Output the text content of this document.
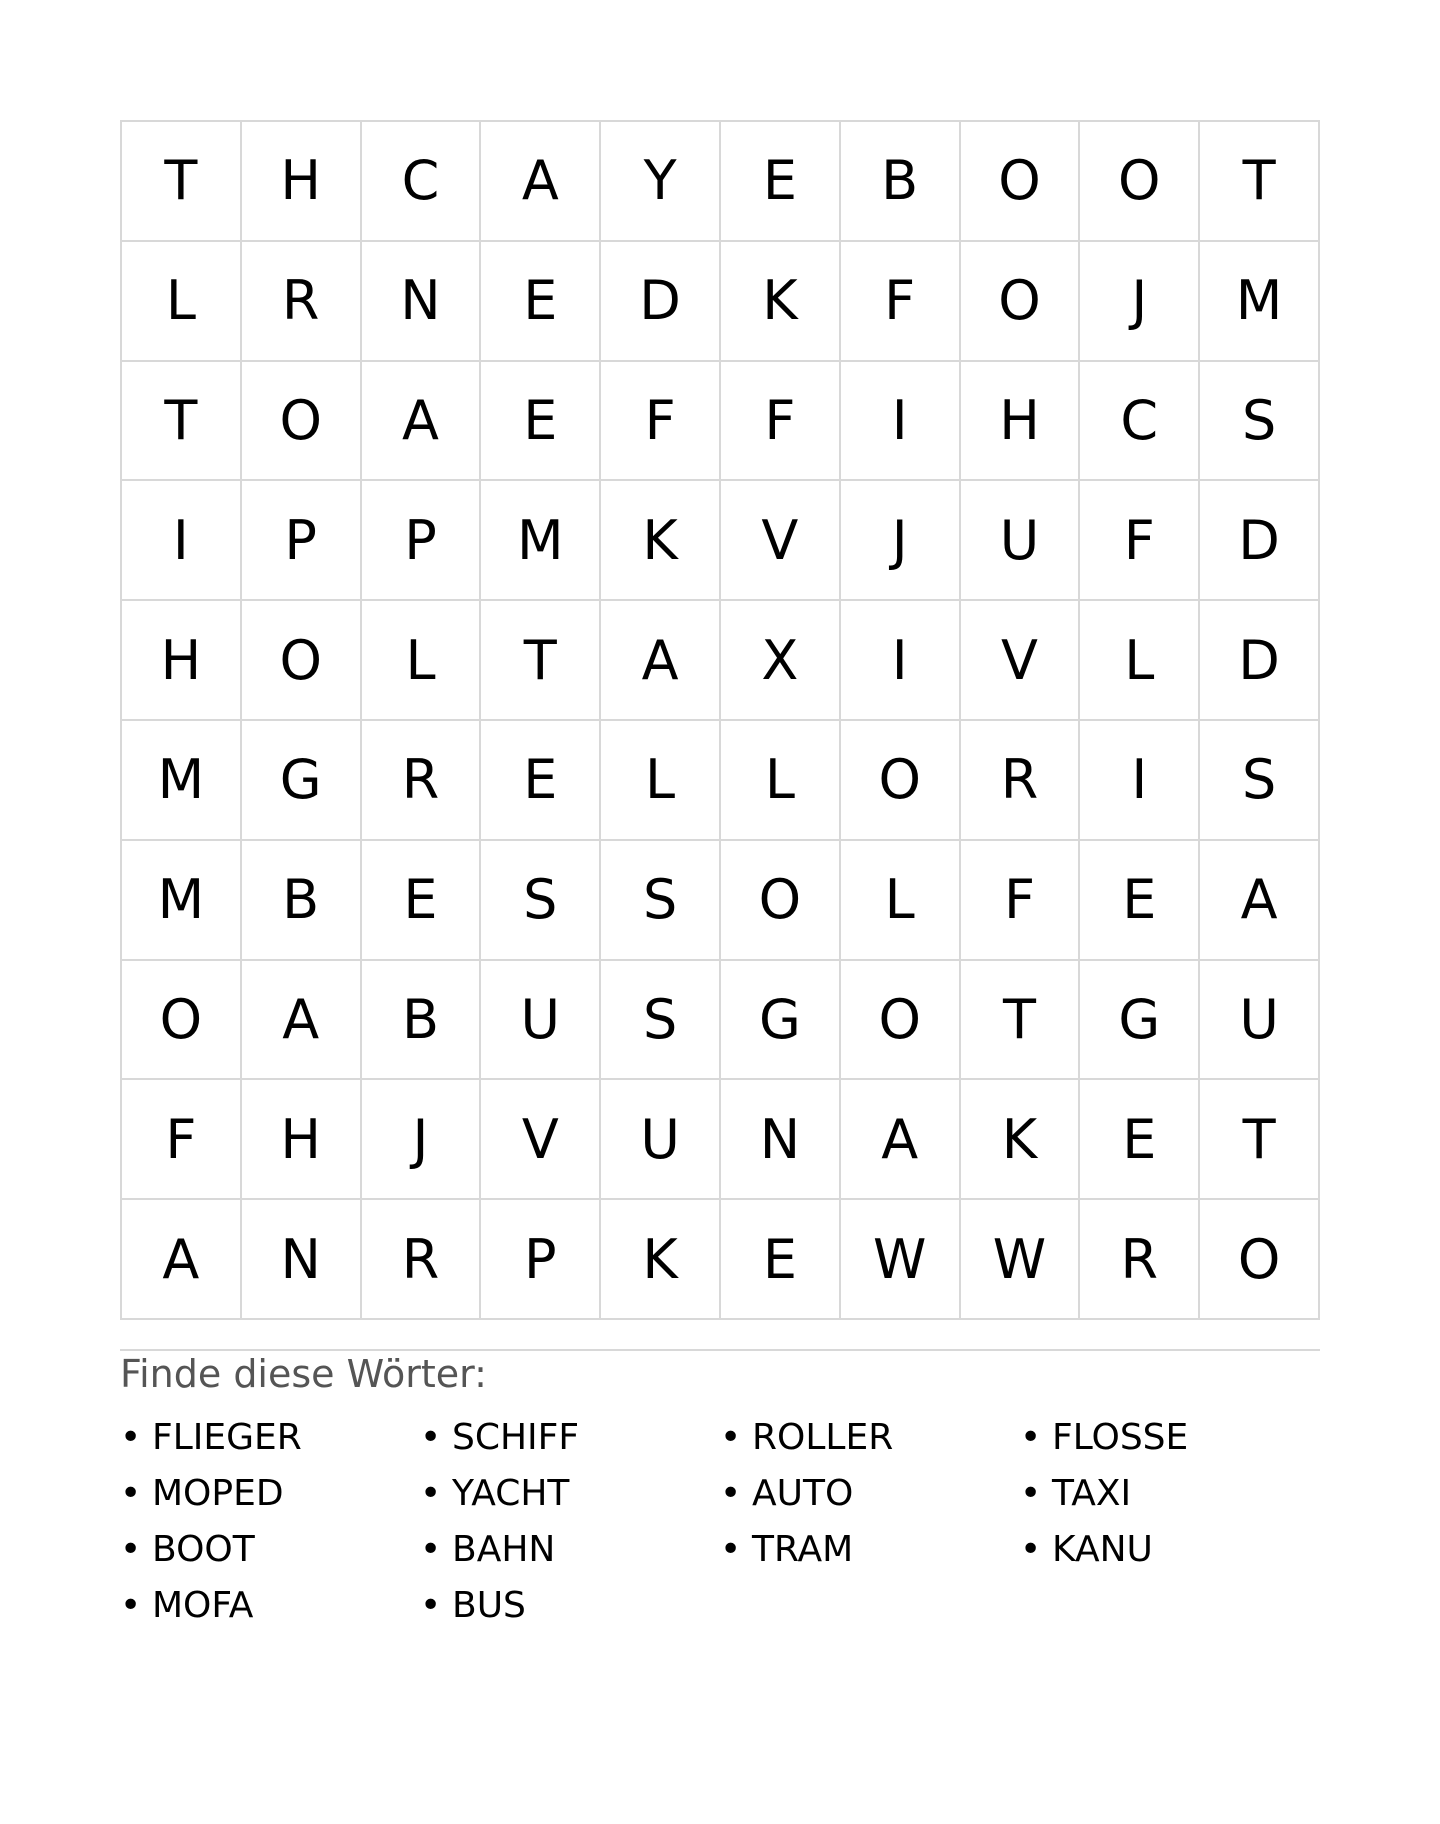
T	H	C	A	Y	E	B	O	O	T
L	R	N	E	D	K	F	O	J	M
T	O	A	E	F	F	I	H	C	S
I	P	P	M	K	V	J	U	F	D
H	O	L	T	A	X	I	V	L	D
M	G	R	E	L	L	O	R	I	S
M	B	E	S	S	O	L	F	E	A
O	A	B	U	S	G	O	T	G	U
F	H	J	V	U	N	A	K	E	T
A	N	R	P	K	E	W	W	R	O
Finde diese Wörter:
• FLIEGER
• MOPED
• BOOT
• MOFA
• SCHIFF
• YACHT
• BAHN
• BUS
• ROLLER
• AUTO
• TRAM
• FLOSSE
• TAXI
• KANU
